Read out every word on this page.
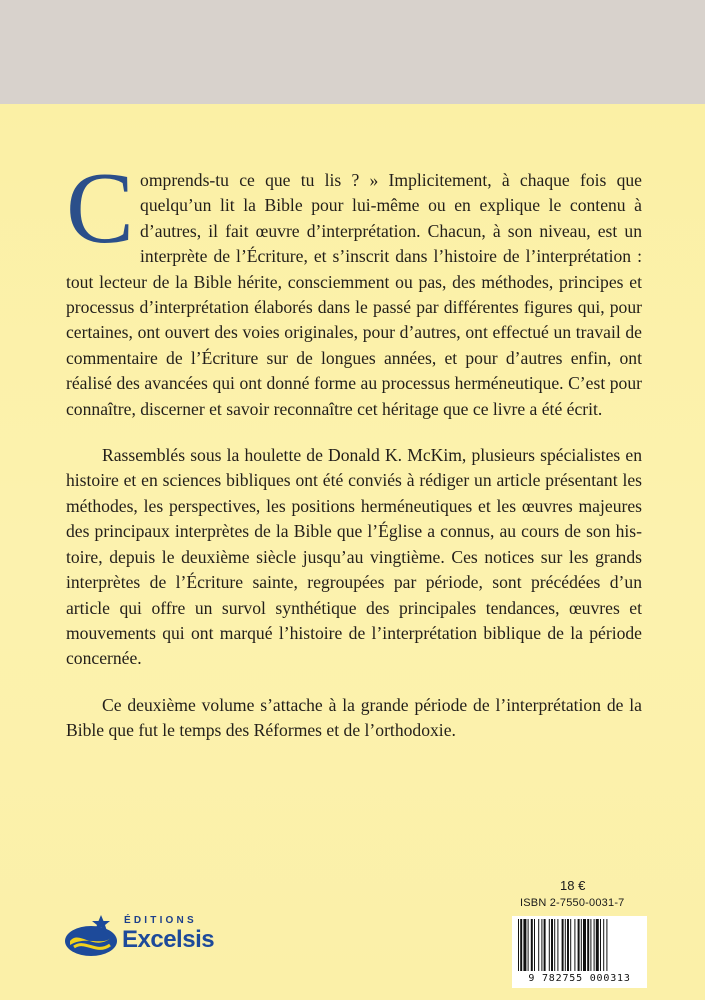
Comprends-tu ce que tu lis ? » Implicitement, à chaque fois que quelqu’un lit la Bible pour lui-même ou en explique le contenu à d’autres, il fait œuvre d’interprétation. Chacun, à son niveau, est un interprète de l’Écriture, et s’inscrit dans l’histoire de l’interprétation : tout lecteur de la Bible hérite, consciemment ou pas, des méthodes, principes et processus d’interprétation élaborés dans le passé par différentes figures qui, pour certaines, ont ouvert des voies originales, pour d’autres, ont effectué un travail de commentaire de l’Écriture sur de longues années, et pour d’autres enfin, ont réalisé des avancées qui ont donné forme au processus herméneutique. C’est pour connaître, discerner et savoir reconnaître cet héritage que ce livre a été écrit.

Rassemblés sous la houlette de Donald K. McKim, plusieurs spécialistes en histoire et en sciences bibliques ont été conviés à rédiger un article présentant les méthodes, les perspectives, les positions herméneutiques et les œuvres majeures des principaux interprètes de la Bible que l’Église a connus, au cours de son histoire, depuis le deuxième siècle jusqu’au vingtième. Ces notices sur les grands interprètes de l’Écriture sainte, regroupées par période, sont précédées d’un article qui offre un survol synthétique des principales tendances, œuvres et mouvements qui ont marqué l’histoire de l’interprétation biblique de la période concernée.

Ce deuxième volume s’attache à la grande période de l’interprétation de la Bible que fut le temps des Réformes et de l’orthodoxie.

ÉDITIONS
Excelsis
18 €
ISBN 2-7550-0031-7
9 782755 000313
